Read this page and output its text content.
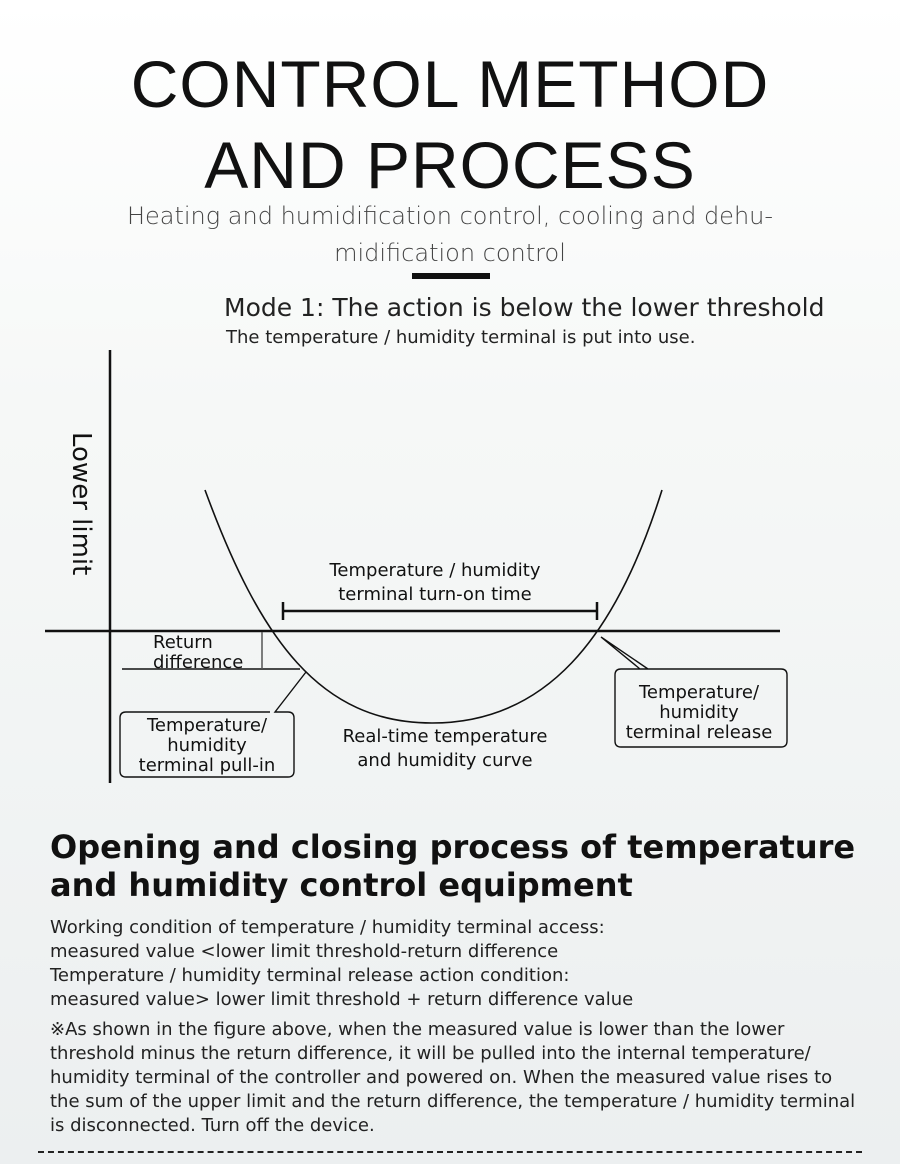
CONTROL METHOD
AND PROCESS
Heating and humidification control, cooling and dehu-midification control
Mode 1: The action is below the lower threshold
The temperature / humidity terminal is put into use.
Lower limit	Temperature / humidity
terminal turn-on time
Return
difference
Temperature/
humidity
terminal pull-in
Real-time temperature
and humidity curve
Temperature/
humidity
terminal release
Opening and closing process of temperature and humidity control equipment
Working condition of temperature / humidity terminal access:
measured value <lower limit threshold-return difference
Temperature / humidity terminal release action condition:
measured value> lower limit threshold + return difference value
※As shown in the figure above, when the measured value is lower than the lower threshold minus the return difference, it will be pulled into the internal temperature/ humidity terminal of the controller and powered on. When the measured value rises to the sum of the upper limit and the return difference, the temperature / humidity terminal is disconnected. Turn off the device.
